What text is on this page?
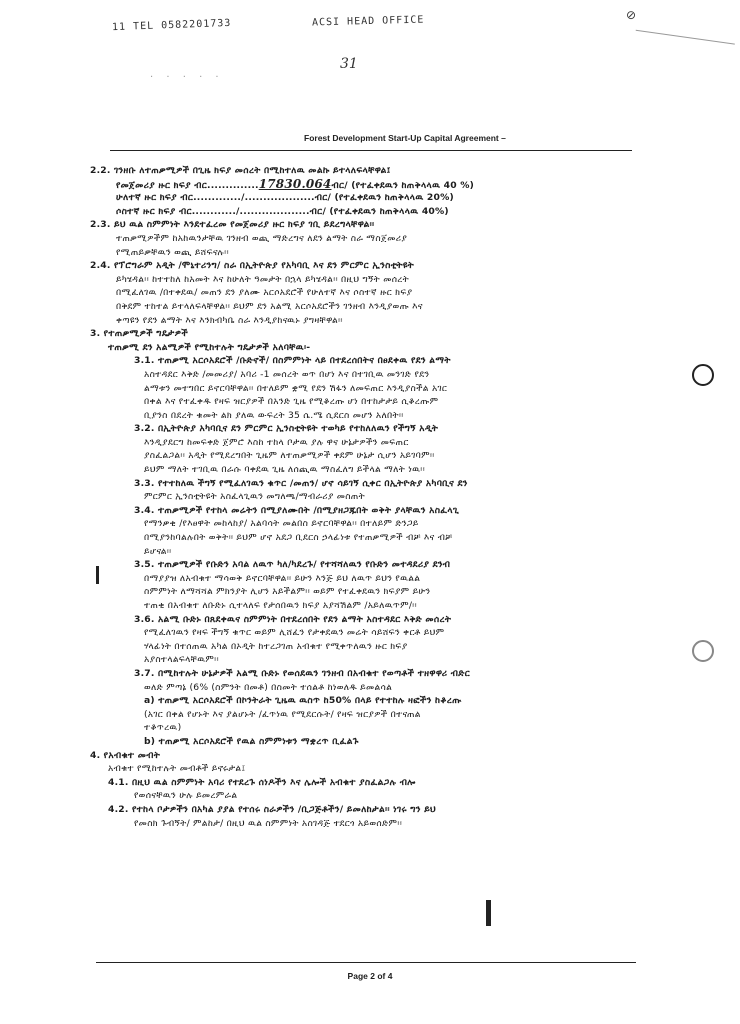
⊘
11 TEL 0582201733	ACSI HEAD OFFICE
31
· · · · ·
Forest Development Start-Up Capital Agreement –
2.2. ገንዘቡ ለተጠቃሚዎች በጊዜ ክፍያ መሰረት በሚከተለዉ መልኩ ይተላለፍላቸዋል፤
የመጀመሪያ ዙር ክፍያ ብር..............17830.064ብር/ (የተፈቀደዉን ከጠቅላላዉ 40 %)
ሁለተኛ ዙር ክፍያ ብር............./...................ብር/ (የተፈቀደዉን ከጠቅላላዉ 20%)
ሶስተኛ ዙር ክፍያ ብር............/...................ብር/ (የተፈቀደዉን ከጠቅላላዉ 40%)
2.3. ይህ ዉል ስምምነት እንደተፈረመ የመጀመሪያ ዙር ክፍያ ገቢ ይደረግላቸዋል፡፡
ተጠቃሚዎችም ከአከዉንታቸዉ ገንዘብ ወጪ ማድረግና ለደን ልማት ስራ ማስጀመሪያ
የሚጠይቃቸዉን ወጪ ይሸፍናሉ፡፡
2.4. የፕሮግራም አዲት /ሞኒተሪንግ/ ስራ በኢትዮጵያ የአካባቢ እና ደን ምርምር ኢንስቲትዩት
ይካሄዳል፡፡ ከተተከለ ከአመት እና ከሁለት ዓመታት በኋላ ይካሄዳል፡፡ በዚህ ግኝት መሰረት
በሚፈለገዉ /በተቀደዉ/ መጠን ደን ያለሙ አርሶአደሮች የሁለተኛ እና ሶስተኛ ዙር ክፍያ
በቅደም ተከተል ይተላለፍላቸዋል፡፡ ይህም ደን አልሚ አርሶአደሮችን ገንዘብ እንዲያወጡ እና
ቀጣዩን የደን ልማት እና እንክብካቤ ስራ እንዲያከናዉኑ ያግዛቸዋል፡፡
3. የተጠቃሚዎች ግዴታዎች
ተጠቃሚ ደን አልሚዎች የሚከተሉት ግዴታዎች አለባቸዉ፡-
3.1. ተጠቃሚ አርሶአደሮች /ቡድኖች/ በስምምነት ላይ በተደረሰበትና በፀደቀዉ የደን ልማት
አስተዳደር እቅድ /መመሪያ/ አባሪ -1 መሰረት ወጥ በሆነ እና በተገቢዉ መንገድ የደን
ልማቱን መተግበር ይኖርባቸዋል፡፡ በተለይም ቋሚ የደን ሽፋን ለመፍጠር እንዲያስችል አገር
በቀል እና የተፈቀዱ የዛፍ ዝርያዎች በአንድ ጊዜ የሚቆረጡ ሆነ በተከታታይ ሲቆረጡም
ቢያንስ በደረት ቁመት ልክ ያለዉ ውፍረት 35 ሴ.ሜ ሲደርስ መሆን አለበት፡፡
3.2. በኢትዮጵያ አካባቢና ደን ምርምር ኢንስቲትዩት ተወካይ የተከለለዉን የችግኝ አዲት
እንዲያደርግ ከመፍቀድ ጀምሮ እስከ ተከላ ቦታዉ ያሉ ዋና ሁኔታዎችን መፍጠር
ያስፈልጋል፡፡ አዲት የሚደረግበት ጊዜም ለተጠቃሚዎች ቀደም ሁኔታ ሲሆን አይገባም፡፡
ይህም ማለት ተገቢዉ በራሱ ባቀደዉ ጊዜ ለሰጪዉ ማስፈለግ ይችላል ማለት ነዉ፡፡
3.3. የተተከለዉ ችግኝ የሚፈለገዉን ቁጥር /መጠን/ ሆኖ ሳይገኝ ሲቀር በኢትዮጵያ አካባቢና ደን
ምርምር ኢንስቲትዩት አስፈላጊዉን መግለጫ/ማብራሪያ መስጠት
3.4. ተጠቃሚዎች የተከላ መሬትን በሚያለሙበት /በሚያዘጋጁበት ወቅት ያላቸዉን አስፈላጊ
የማንቃቂ /የእፀዋት መከላከያ/ አልባሳት መልበስ ይኖርባቸዋል፡፡ በተለይም ድንጋይ
በሚያንከባልሉበት ወቅት፡፡ ይህም ሆኖ አደጋ ቢደርስ ኃላፊነቱ የተጠቃሚዎች ብቻ እና ብቻ
ይሆናል፡፡
3.5. ተጠቃሚዎች የቡድን አባል ለዉጥ ካለ/ካደረጉ/ የተሻሻለዉን የቡድን መተዳደሪያ ደንብ
በማያያዝ ለአብቁተ ማሳወቅ ይኖርባቸዋል፡፡ ይሁን እንጅ ይህ ለዉጥ ይህን የዉልል
ስምምነት ለማሻሻል ምክንያት ሊሆን አይችልም፡፡ ወይም የተፈቀደዉን ክፍያም ይሁን
ተጠቂ በአብቁተ ለቡድኑ ሲተላለፍ የታሰበዉን ክፍያ አያሻሽልም /አይለዉጥም/፡፡
3.6. አልሚ ቡድኑ በጸደቀዉና ስምምነት በተደረሰበት የደን ልማት አስተዳደር እቅድ መሰረት
የሚፈለገዉን የዛፍ ችግኝ ቁጥር ወይም ሊሸፈን የታቀደዉን መሬት ሳይሸፍን ቀርቶ ይህም
ሃላፊነት በተሰጠዉ አካል በኦዲት ከተረጋገጠ አብቁተ የሚቀጥለዉን ዙር ክፍያ
አያስተላልፍላቸዉም፡፡
3.7. በሚከተሉት ሁኔታዎች አልሚ ቡድኑ የወሰደዉን ገንዘብ በአብቁተ የወጣቶች ተዘዋዋሪ ብድር
ወለድ ምጣኔ (6% (ስምንት በመቶ) በስመት ተሰልቶ ከነወለዱ ይመልሳል
a) ተጠቃሚ አርሶአደሮች በኮንትራት ጊዜዉ ዉስጥ ከ50% በላይ የተተከሉ ዛፎችን ከቆረጡ
(አገር በቀል የሆኑት እና ያልሆኑት /ፈጥነዉ የሚደርሱት/ የዛፍ ዝርያዎች በተናጠል
ተቆጥረዉ)
b) ተጠቃሚ አርሶአደሮች የዉል ስምምነቱን ማቋረጥ ቢፈልጉ
4. የአብቁተ መብት
አብቁተ የሚከተሉት መብቶች ይኖሩታል፤
4.1. በዚህ ዉል ስምምነት አባሪ የተደረጉ ሰነዶችን እና ሌሎች አብቁተ ያስፈልጋሉ ብሎ
የወሰናቸዉን ሁሉ ይመረምራል
4.2. የተከላ ቦታዎችን በአካል ያያል የተሰሩ ስራዎችን /ቢጋጅቶችን/ ይመለከታል፡፡ ነገሩ ግን ይህ
የመስክ ጉብኝት/ ምልከታ/ በዚህ ዉል ስምምነት አስገዳጅ ተደርጎ አይወሰድም፡፡
Page 2 of 4
